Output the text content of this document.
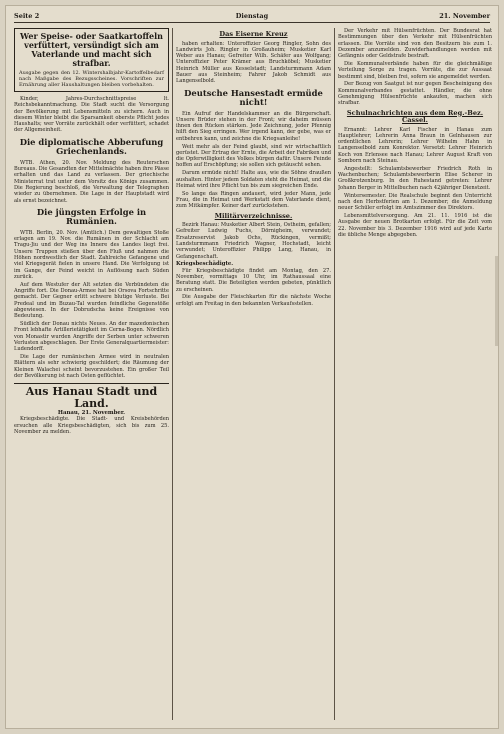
Seite 2	Dienstag	21. November
Wer Speise- oder Saatkartoffeln verfüttert, versündigt sich am Vaterlande und macht sich strafbar.
Ausgabe gegen den 12. Wintershalbjahr-Kartoffelbedarf nach Maßgabe des Bezugsscheines. Vorschriften zur Ernährung aller Haushaltungen bleiben vorbehalten.

Kinder, Jahres-Durchschnittspreise lt. Reichsbekanntmachung. Die Stadt sucht die Versorgung der Bevölkerung mit Lebensmitteln zu sichern. Auch in diesem Winter bleibt die Sparsamkeit oberste Pflicht jedes Haushalts; wer Vorräte zurückhält oder verfüttert, schadet der Allgemeinheit.

Die diplomatische Abberufung Griechenlands.

WTB. Athen, 20. Nov. Meldung des Reuterschen Bureaus. Die Gesandten der Mittelmächte haben ihre Pässe erhalten und das Land zu verlassen. Der griechische Ministerrat trat unter dem Vorsitz des Königs zusammen. Die Regierung beschloß, die Verwaltung der Telegraphen wieder zu übernehmen. Die Lage in der Hauptstadt wird als ernst bezeichnet.

Die jüngsten Erfolge in Rumänien.

WTB. Berlin, 20. Nov. (Amtlich.) Dem gewaltigen Stoße erlagen am 19. Nov. die Rumänen in der Schlacht am Tragu-Jiu und der Weg ins Innere des Landes liegt frei. Unsere Truppen stießen über den Fluß und nahmen die Höhen nordwestlich der Stadt. Zahlreiche Gefangene und viel Kriegsgerät fielen in unsere Hand. Die Verfolgung ist im Gange, der Feind weicht in Auflösung nach Süden zurück.

Auf dem Westufer der Alt setzten die Verbündeten die Angriffe fort. Die Donau-Armee hat bei Orsova Fortschritte gemacht. Der Gegner erlitt schwere blutige Verluste. Bei Predeal und im Buzau-Tal wurden feindliche Gegenstöße abgewiesen. In der Dobrudscha keine Ereignisse von Bedeutung.

Südlich der Donau nichts Neues. An der mazedonischen Front lebhafte Artillerietätigkeit im Cerna-Bogen. Nördlich von Monastir wurden Angriffe der Serben unter schweren Verlusten abgeschlagen. Der Erste Generalquartiermeister: Ludendorff.

Die Lage der rumänischen Armee wird in neutralen Blättern als sehr schwierig geschildert; die Räumung der Kleinen Walachei scheint bevorzustehen. Ein großer Teil der Bevölkerung ist nach Osten geflüchtet.

Aus Hanau Stadt und Land.
Hanau, 21. November.

Kriegsbeschädigte. Die Stadt- und Kreisbehörden ersuchen alle Kriegsbeschädigten, sich bis zum 25. November zu melden.

Das Eiserne Kreuz

haben erhalten: Unteroffizier Georg Ringler, Sohn des Landwirts Joh. Ringler in Großauheim; Musketier Karl Weber aus Hanau; Gefreiter Wilh. Schäfer aus Wolfgang; Unteroffizier Peter Krämer aus Bruchköbel; Musketier Heinrich Müller aus Kesselstadt; Landsturmmann Adam Bauer aus Steinheim; Fahrer Jakob Schmidt aus Langenselbold.

Deutsche Hansestadt ermüde nicht!

Ein Aufruf der Handelskammer an die Bürgerschaft. Unsere Brüder stehen in der Front; wir daheim müssen ihnen den Rücken stärken. Jede Zeichnung, jeder Pfennig hilft den Sieg erringen. Wer irgend kann, der gebe, was er entbehren kann, und zeichne die Kriegsanleihe!

Weit mehr als der Feind glaubt, sind wir wirtschaftlich gerüstet. Der Ertrag der Ernte, die Arbeit der Fabriken und die Opferwilligkeit des Volkes bürgen dafür. Unsere Feinde hoffen auf Erschöpfung; sie sollen sich getäuscht sehen.

Darum ermüde nicht! Halte aus, wie die Söhne draußen aushalten. Hinter jedem Soldaten steht die Heimat, und die Heimat wird ihre Pflicht tun bis zum siegreichen Ende.

So lange das Ringen andauert, wird jeder Mann, jede Frau, die in Heimat und Werkstatt dem Vaterlande dient, zum Mitkämpfer. Keiner darf zurückstehen.

Militärverzeichnisse.

Bezirk Hanau: Musketier Albert Stein, Ostheim, gefallen; Gefreiter Ludwig Fuchs, Dörnigheim, verwundet; Ersatzreservist Jakob Ochs, Rückingen, vermißt; Landsturmmann Friedrich Wagner, Hochstadt, leicht verwundet; Unteroffizier Philipp Lang, Hanau, in Gefangenschaft.

Kriegsbeschädigte.

Für Kriegsbeschädigte findet am Montag, den 27. November, vormittags 10 Uhr, im Rathaussaal eine Beratung statt. Die Beteiligten werden gebeten, pünktlich zu erscheinen.

Die Ausgabe der Fleischkarten für die nächste Woche erfolgt am Freitag in den bekannten Verkaufsstellen.

Der Verkehr mit Hülsenfrüchten. Der Bundesrat hat Bestimmungen über den Verkehr mit Hülsenfrüchten erlassen. Die Vorräte sind von den Besitzern bis zum 1. Dezember anzumelden. Zuwiderhandlungen werden mit Gefängnis oder Geldstrafe bestraft.

Die Kommunalverbände haben für die gleichmäßige Verteilung Sorge zu tragen. Vorräte, die zur Aussaat bestimmt sind, bleiben frei, sofern sie angemeldet werden.

Der Bezug von Saatgut ist nur gegen Bescheinigung des Kommunalverbandes gestattet. Händler, die ohne Genehmigung Hülsenfrüchte ankaufen, machen sich strafbar.

Schulnachrichten aus dem Reg.-Bez. Cassel.

Ernannt: Lehrer Karl Fischer in Hanau zum Hauptlehrer; Lehrerin Anna Braun in Gelnhausen zur ordentlichen Lehrerin; Lehrer Wilhelm Hahn in Langenselbold zum Konrektor. Versetzt: Lehrer Heinrich Koch von Erlensee nach Hanau; Lehrer August Kraft von Somborn nach Steinau.

Angestellt: Schulamtsbewerber Friedrich Roth in Wachenbuchen; Schulamtsbewerberin Elise Scherer in Großkrotzenburg. In den Ruhestand getreten: Lehrer Johann Berger in Mittelbuchen nach 42jähriger Dienstzeit.

Wintersemester. Die Realschule beginnt den Unterricht nach den Herbstferien am 1. Dezember; die Anmeldung neuer Schüler erfolgt im Amtszimmer des Direktors.

Lebensmittelversorgung. Am 21. 11. 1916 ist die Ausgabe der neuen Brotkarten erfolgt. Für die Zeit vom 22. November bis 3. Dezember 1916 wird auf jede Karte die übliche Menge abgegeben.
